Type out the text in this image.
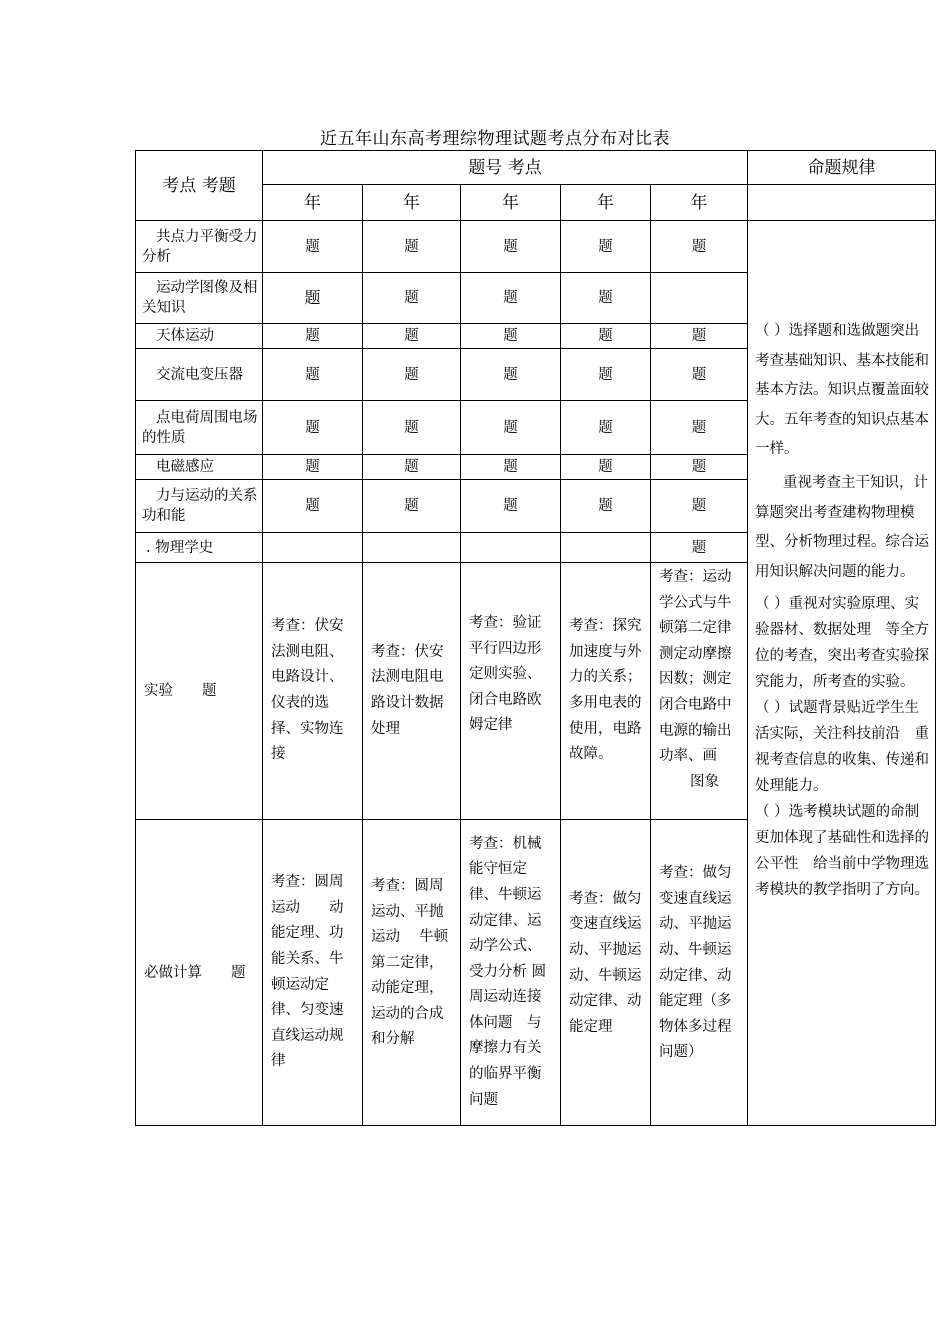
近五年山东高考理综物理试题考点分布对比表
考点 考题	题号 考点					命题规律
	年	年	年	年	年	
共点力平衡受力分析	题	题	题	题	题	（ ）选择题和选做题突出考查基础知识、基本技能和基本方法。知识点覆盖面较大。五年考查的知识点基本一样。

重视考查主干知识，计算题突出考查建构物理模型、分析物理过程。综合运　用知识解决问题的能力。

（ ）重视对实验原理、实验器材、数据处理　等全方位的考查，突出考查实验探究能力，所考查的实验。

（ ）试题背景贴近学生生活实际，关注科技前沿　重视考查信息的收集、传递和处理能力。

（ ）选考模块试题的命制更加体现了基础性和选择的公平性　给当前中学物理选考模块的教学指明了方向。

运动学图像及相关知识	题	题	题	题		
天体运动	题	题	题	题	题	
交流电变压器	题	题	题	题	题	
点电荷周围电场的性质	题	题	题	题	题	
电磁感应	题	题	题	题	题	
力与运动的关系 功和能	题	题	题	题	题	
. 物理学史					题	
实验　　题	考查：伏安法测电阻、电路设计、仪表的选择、实物连接	考查：伏安法测电阻电路设计数据处理	考查：验证平行四边形定则实验、闭合电路欧姆定律	考查：探究加速度与外力的关系；多用电表的使用，电路故障。	考查：运动学公式与牛顿第二定律测定动摩擦因数；测定闭合电路中电源的输出功率、画
图象	

必做计算　　题	考查：圆周运动　　动能定理、功能关系、牛顿运动定律、匀变速直线运动规律	考查：圆周运动、平抛运动　 牛顿第二定律，动能定理，运动的合成和分解	考查：机械能守恒定律、牛顿运动定律、运动学公式、受力分析 圆周运动连接体问题　与摩擦力有关的临界平衡问题	考查：做匀变速直线运动、平抛运动、牛顿运动定律、动能定理	考查：做匀变速直线运动、平抛运动、牛顿运动定律、动能定理（多物体多过程问题）	
